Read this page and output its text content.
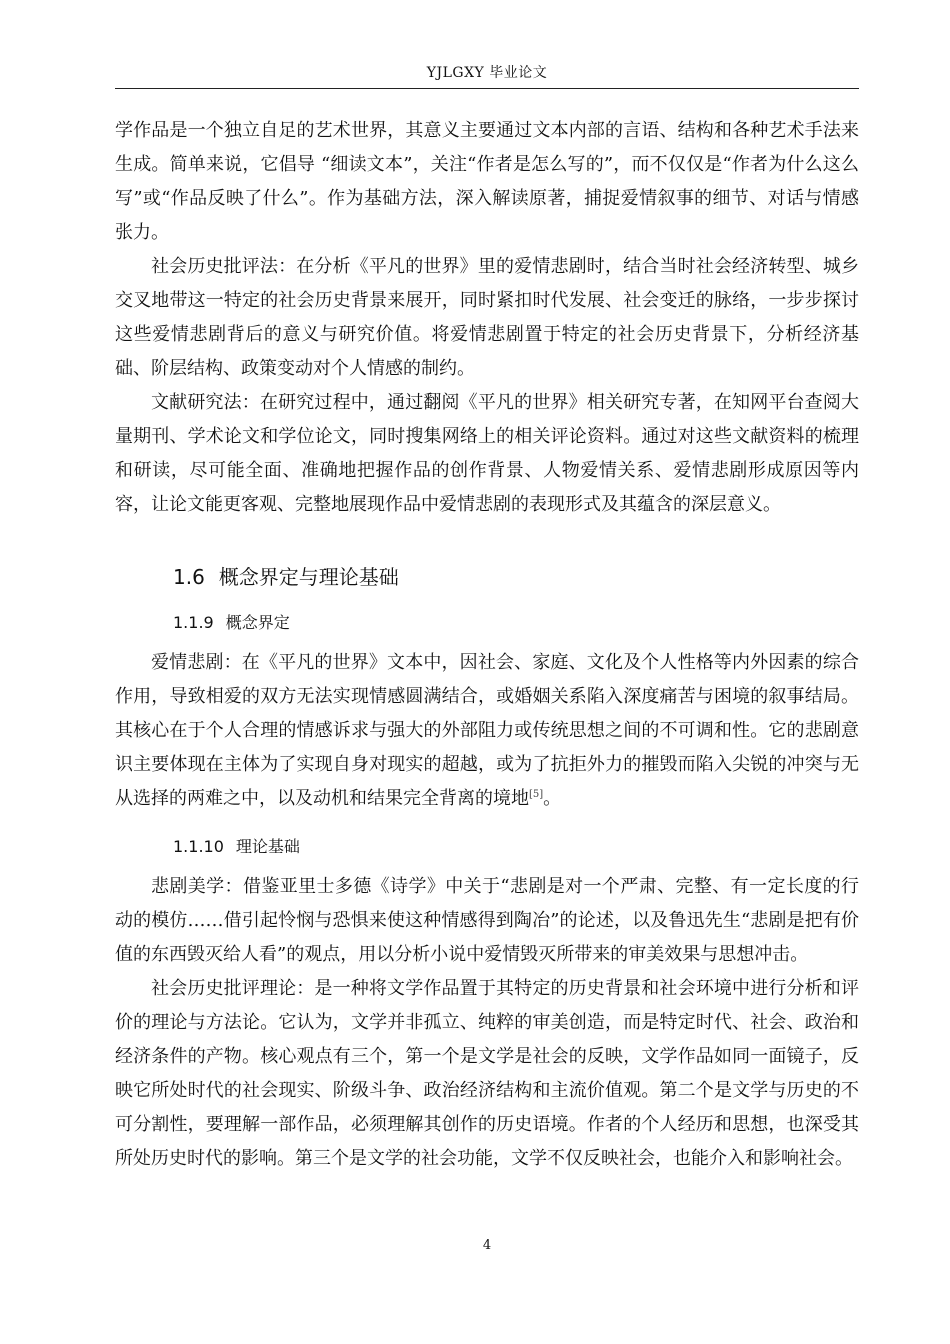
YJLGXY 毕业论文

学作品是一个独立自足的艺术世界，其意义主要通过文本内部的言语、结构和各种艺术手法来生成。简单来说，它倡导 “细读文本”，关注“作者是怎么写的”，而不仅仅是“作者为什么这么写”或“作品反映了什么”。作为基础方法，深入解读原著，捕捉爱情叙事的细节、对话与情感张力。

社会历史批评法：在分析《平凡的世界》里的爱情悲剧时，结合当时社会经济转型、城乡交叉地带这一特定的社会历史背景来展开，同时紧扣时代发展、社会变迁的脉络，一步步探讨这些爱情悲剧背后的意义与研究价值。将爱情悲剧置于特定的社会历史背景下，分析经济基础、阶层结构、政策变动对个人情感的制约。

文献研究法：在研究过程中，通过翻阅《平凡的世界》相关研究专著，在知网平台查阅大量期刊、学术论文和学位论文，同时搜集网络上的相关评论资料。通过对这些文献资料的梳理和研读，尽可能全面、准确地把握作品的创作背景、人物爱情关系、爱情悲剧形成原因等内容，让论文能更客观、完整地展现作品中爱情悲剧的表现形式及其蕴含的深层意义。

1.6 概念界定与理论基础
1.1.9 概念界定

爱情悲剧：在《平凡的世界》文本中，因社会、家庭、文化及个人性格等内外因素的综合作用，导致相爱的双方无法实现情感圆满结合，或婚姻关系陷入深度痛苦与困境的叙事结局。其核心在于个人合理的情感诉求与强大的外部阻力或传统思想之间的不可调和性。它的悲剧意识主要体现在主体为了实现自身对现实的超越，或为了抗拒外力的摧毁而陷入尖锐的冲突与无从选择的两难之中，以及动机和结果完全背离的境地[5]。

1.1.10 理论基础

悲剧美学：借鉴亚里士多德《诗学》中关于“悲剧是对一个严肃、完整、有一定长度的行动的模仿……借引起怜悯与恐惧来使这种情感得到陶冶”的论述，以及鲁迅先生“悲剧是把有价值的东西毁灭给人看”的观点，用以分析小说中爱情毁灭所带来的审美效果与思想冲击。

社会历史批评理论：是一种将文学作品置于其特定的历史背景和社会环境中进行分析和评价的理论与方法论。它认为，文学并非孤立、纯粹的审美创造，而是特定时代、社会、政治和经济条件的产物。核心观点有三个，第一个是文学是社会的反映，文学作品如同一面镜子，反映它所处时代的社会现实、阶级斗争、政治经济结构和主流价值观。第二个是文学与历史的不可分割性，要理解一部作品，必须理解其创作的历史语境。作者的个人经历和思想，也深受其所处历史时代的影响。第三个是文学的社会功能，文学不仅反映社会，也能介入和影响社会。

4
